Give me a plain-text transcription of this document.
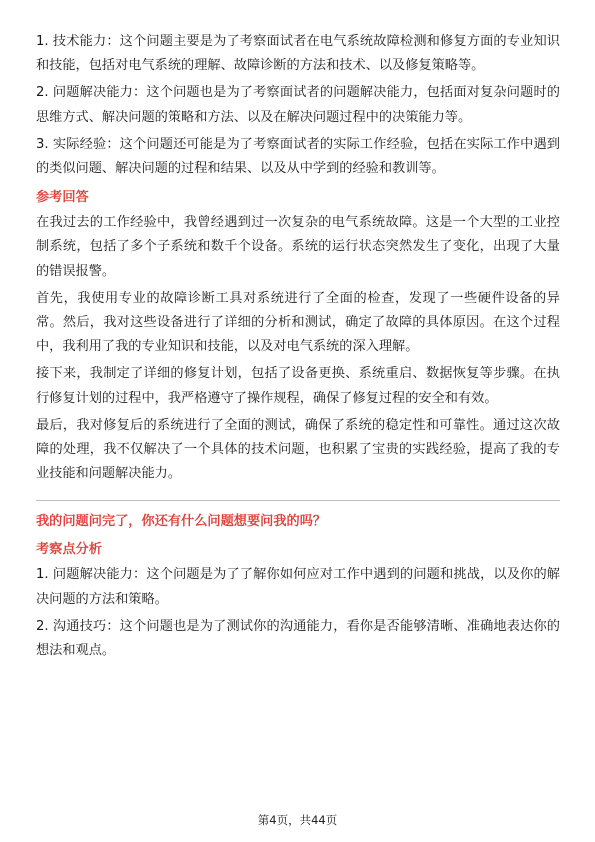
1. 技术能力：这个问题主要是为了考察面试者在电气系统故障检测和修复方面的专业知识和技能，包括对电气系统的理解、故障诊断的方法和技术、以及修复策略等。

2. 问题解决能力：这个问题也是为了考察面试者的问题解决能力，包括面对复杂问题时的思维方式、解决问题的策略和方法、以及在解决问题过程中的决策能力等。

3. 实际经验：这个问题还可能是为了考察面试者的实际工作经验，包括在实际工作中遇到的类似问题、解决问题的过程和结果、以及从中学到的经验和教训等。

参考回答

在我过去的工作经验中，我曾经遇到过一次复杂的电气系统故障。这是一个大型的工业控制系统，包括了多个子系统和数千个设备。系统的运行状态突然发生了变化，出现了大量的错误报警。

首先，我使用专业的故障诊断工具对系统进行了全面的检查，发现了一些硬件设备的异常。然后，我对这些设备进行了详细的分析和测试，确定了故障的具体原因。在这个过程中，我利用了我的专业知识和技能，以及对电气系统的深入理解。

接下来，我制定了详细的修复计划，包括了设备更换、系统重启、数据恢复等步骤。在执行修复计划的过程中，我严格遵守了操作规程，确保了修复过程的安全和有效。

最后，我对修复后的系统进行了全面的测试，确保了系统的稳定性和可靠性。通过这次故障的处理，我不仅解决了一个具体的技术问题，也积累了宝贵的实践经验，提高了我的专业技能和问题解决能力。

我的问题问完了，你还有什么问题想要问我的吗？
考察点分析

1. 问题解决能力：这个问题是为了了解你如何应对工作中遇到的问题和挑战，以及你的解决问题的方法和策略。

2. 沟通技巧：这个问题也是为了测试你的沟通能力，看你是否能够清晰、准确地表达你的想法和观点。

第4页，共44页
